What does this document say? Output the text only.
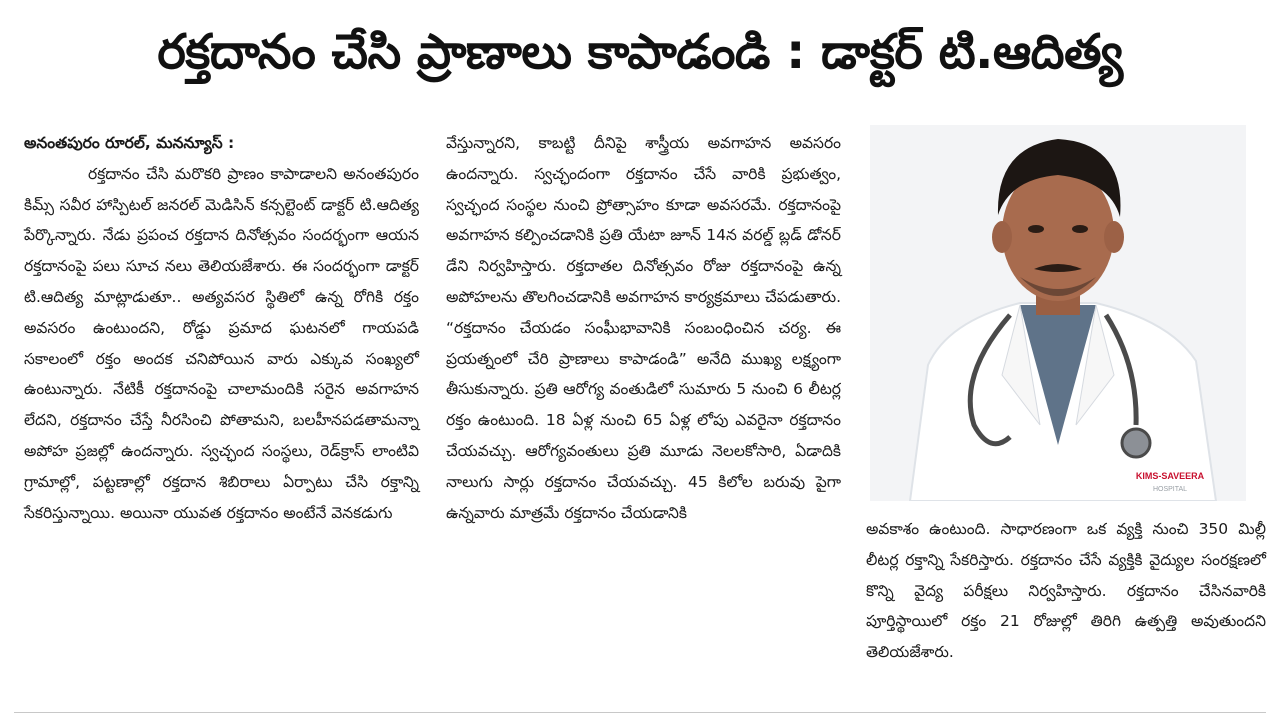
రక్తదానం చేసి ప్రాణాలు కాపాడండి : డాక్టర్ టి.ఆదిత్య
అనంతపురం రూరల్, మనన్యూస్ :

రక్తదానం చేసి మరొకరి ప్రాణం కాపాడాలని అనంతపురం కిమ్స్ సవీర హాస్పిటల్ జనరల్ మెడిసిన్ కన్సల్టెంట్ డాక్టర్ టి.ఆదిత్య పేర్కొన్నారు. నేడు ప్రపంచ రక్తదాన దినోత్సవం సందర్భంగా ఆయన రక్తదానంపై పలు సూచ నలు తెలియజేశారు. ఈ సందర్భంగా డాక్టర్ టి.ఆదిత్య మాట్లాడుతూ.. అత్యవసర స్థితిలో ఉన్న రోగికి రక్తం అవసరం ఉంటుందని, రోడ్డు ప్రమాద ఘటనలో గాయపడి సకాలంలో రక్తం అందక చనిపోయిన వారు ఎక్కువ సంఖ్యలో ఉంటున్నారు. నేటికీ రక్తదానంపై చాలామందికి సరైన అవగాహన లేదని, రక్తదానం చేస్తే నీరసించి పోతామని, బలహీనపడతామన్నా అపోహ ప్రజల్లో ఉందన్నారు. స్వచ్ఛంద సంస్థలు, రెడ్‌క్రాస్ లాంటివి గ్రామాల్లో, పట్టణాల్లో రక్తదాన శిబిరాలు ఏర్పాటు చేసి రక్తాన్ని సేకరిస్తున్నాయి. అయినా యువత రక్తదానం అంటేనే వెనకడుగు

వేస్తున్నారని, కాబట్టి దీనిపై శాస్త్రీయ అవగాహన అవసరం ఉందన్నారు. స్వచ్ఛందంగా రక్తదానం చేసే వారికి ప్రభుత్వం, స్వచ్ఛంద సంస్థల నుంచి ప్రోత్సాహం కూడా అవసరమే. రక్తదానంపై అవగాహన కల్పించడానికి ప్రతి యేటా జూన్ 14న వరల్డ్ బ్లడ్ డోనర్ డేని నిర్వహిస్తారు. రక్తదాతల దినోత్సవం రోజు రక్తదానంపై ఉన్న అపోహలను తొలగించడానికి అవగాహన కార్యక్రమాలు చేపడుతారు. “రక్తదానం చేయడం సంఘీభావానికి సంబంధించిన చర్య. ఈ ప్రయత్నంలో చేరి ప్రాణాలు కాపాడండి” అనేది ముఖ్య లక్ష్యంగా తీసుకున్నారు. ప్రతి ఆరోగ్య వంతుడిలో సుమారు 5 నుంచి 6 లీటర్ల రక్తం ఉంటుంది. 18 ఏళ్ల నుంచి 65 ఏళ్ల లోపు ఎవరైనా రక్తదానం చేయవచ్చు. ఆరోగ్యవంతులు ప్రతి మూడు నెలలకోసారి, ఏడాదికి నాలుగు సార్లు రక్తదానం చేయవచ్చు. 45 కిలోల బరువు పైగా ఉన్నవారు మాత్రమే రక్తదానం చేయడానికి

KIMS-SAVEERA
HOSPITAL

అవకాశం ఉంటుంది. సాధారణంగా ఒక వ్యక్తి నుంచి 350 మిల్లీ లీటర్ల రక్తాన్ని సేకరిస్తారు. రక్తదానం చేసే వ్యక్తికి వైద్యుల సంరక్షణలో కొన్ని వైద్య పరీక్షలు నిర్వహిస్తారు. రక్తదానం చేసినవారికి పూర్తిస్థాయిలో రక్తం 21 రోజుల్లో తిరిగి ఉత్పత్తి అవుతుందని తెలియజేశారు.
